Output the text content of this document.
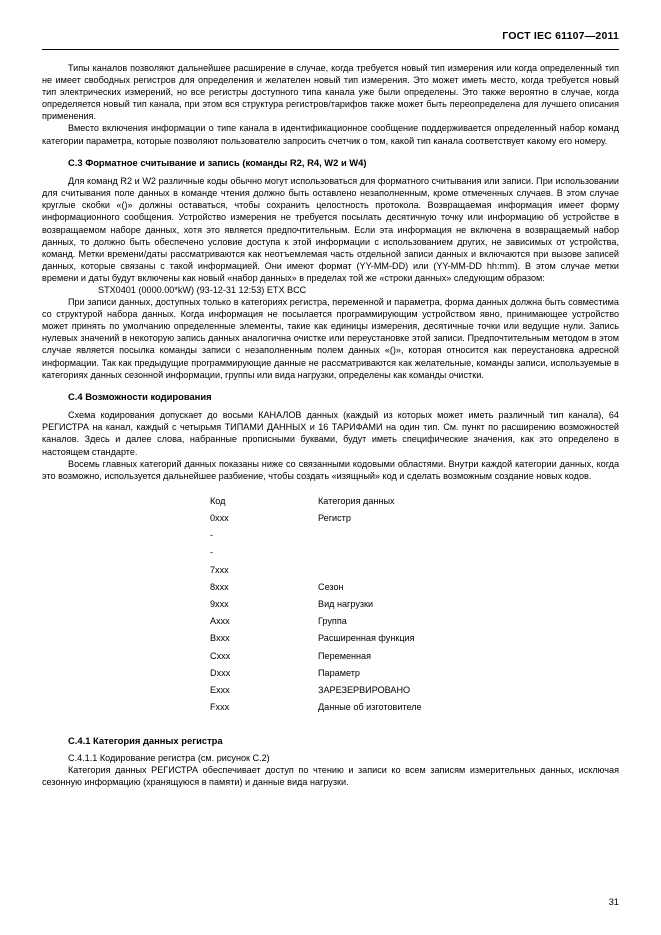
ГОСТ IEC 61107—2011

Типы каналов позволяют дальнейшее расширение в случае, когда требуется новый тип измерения или когда определенный тип не имеет свободных регистров для определения и желателен новый тип измерения. Это может иметь место, когда требуется новый тип электрических измерений, но все регистры доступного типа канала уже были определены. Это также вероятно в случае, когда определяется новый тип канала, при этом вся структура регистров/тарифов также может быть переопределена для лучшего описания применения.

Вместо включения информации о типе канала в идентификационное сообщение поддерживается определенный набор команд категории параметра, которые позволяют пользователю запросить счетчик о том, какой тип канала соответствует какому его номеру.

C.3 Форматное считывание и запись (команды R2, R4, W2 и W4)

Для команд R2 и W2 различные коды обычно могут использоваться для форматного считывания или записи. При использовании для считывания поле данных в команде чтения должно быть оставлено незаполненным, кроме отмеченных случаев. В этом случае круглые скобки «()» должны оставаться, чтобы сохранить целостность протокола. Возвращаемая информация имеет форму информационного сообщения. Устройство измерения не требуется посылать десятичную точку или информацию об устройстве в возвращаемом наборе данных, хотя это является предпочтительным. Если эта информация не включена в возвращаемый набор данных, то должно быть обеспечено условие доступа к этой информации с использованием других, не зависимых от устройства, команд. Метки времени/даты рассматриваются как неотъемлемая часть отдельной записи данных и включаются при вызове записей данных, которые связаны с такой информацией. Они имеют формат (YY-MM-DD) или (YY-MM-DD hh:mm). В этом случае метки времени и даты будут включены как новый «набор данных» в пределах той же «строки данных» следующим образом:

STX0401 (0000.00*kW) (93-12-31 12:53) ETX BCC

При записи данных, доступных только в категориях регистра, переменной и параметра, форма данных должна быть совместима со структурой набора данных. Когда информация не посылается программирующим устройством явно, принимающее устройство может принять по умолчанию определенные элементы, такие как единицы измерения, десятичные точки или ведущие нули. Запись нулевых значений в некоторую запись данных аналогична очистке или переустановке этой записи. Предпочтительным методом в этом случае является посылка команды записи с незаполненным полем данных «()», которая относится как переустановка адресной информации. Так как предыдущие программирующие данные не рассматриваются как желательные, команды записи, используемые в категориях данных сезонной информации, группы или вида нагрузки, определены как команды очистки.

C.4 Возможности кодирования

Схема кодирования допускает до восьми КАНАЛОВ данных (каждый из которых может иметь различный тип канала), 64 РЕГИСТРА на канал, каждый с четырьмя ТИПАМИ ДАННЫХ и 16 ТАРИФАМИ на один тип. См. пункт по расширению возможностей каналов. Здесь и далее слова, набранные прописными буквами, будут иметь специфические значения, как это определено в настоящем стандарте.

Восемь главных категорий данных показаны ниже со связанными кодовыми областями. Внутри каждой категории данных, когда это возможно, используется дальнейшее разбиение, чтобы создать «изящный» код и сделать возможным создание новых кодов.

Код	Категория данных
0xxx	Регистр
-	
-	
7xxx	
8xxx	Сезон
9xxx	Вид нагрузки
Axxx	Группа
Bxxx	Расширенная функция
Cxxx	Переменная
Dxxx	Параметр
Exxx	ЗАРЕЗЕРВИРОВАНО
Fxxx	Данные об изготовителе
C.4.1 Категория данных регистра
C.4.1.1 Кодирование регистра (см. рисунок C.2)

Категория данных РЕГИСТРА обеспечивает доступ по чтению и записи ко всем записям измерительных данных, исключая сезонную информацию (хранящуюся в памяти) и данные вида нагрузки.

31
